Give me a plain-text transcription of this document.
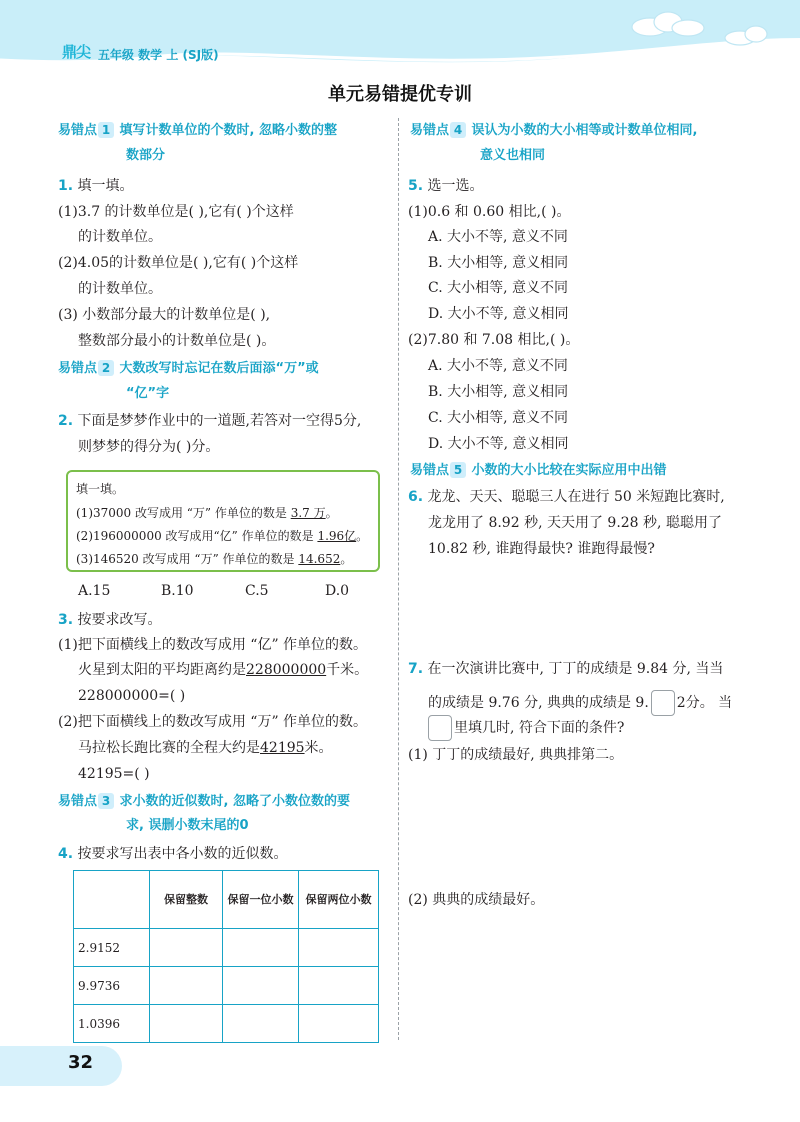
鼎尖 五年级 数学 上 (SJ版)
单元易错提优专训
易错点 1 填写计数单位的个数时, 忽略小数的整
数部分
1. 填一填。
(1)3.7 的计数单位是( ),它有( )个这样
的计数单位。
(2)4.05的计数单位是( ),它有( )个这样
的计数单位。
(3) 小数部分最大的计数单位是( ),
整数部分最小的计数单位是( )。
易错点 2 大数改写时忘记在数后面添“万”或
“亿”字
2. 下面是梦梦作业中的一道题,若答对一空得5分,
则梦梦的得分为( )分。
填一填。
(1)37000 改写成用 “万” 作单位的数是 3.7 万。
(2)196000000 改写成用“亿” 作单位的数是 1.96亿。
(3)146520 改写成用 “万” 作单位的数是 14.652。
A.15	B.10	C.5	D.0
3. 按要求改写。
(1)把下面横线上的数改写成用 “亿” 作单位的数。
火星到太阳的平均距离约是228000000千米。
228000000=( )
(2)把下面横线上的数改写成用 “万” 作单位的数。
马拉松长跑比赛的全程大约是42195米。
42195=( )
易错点 3 求小数的近似数时, 忽略了小数位数的要
求, 误删小数末尾的0
4. 按要求写出表中各小数的近似数。
	保留整数	保留一位小数	保留两位小数
2.9152			
9.9736			
1.0396			
易错点 4 误认为小数的大小相等或计数单位相同,
意义也相同
5. 选一选。
(1)0.6 和 0.60 相比,( )。
A. 大小不等, 意义不同
B. 大小相等, 意义相同
C. 大小相等, 意义不同
D. 大小不等, 意义相同
(2)7.80 和 7.08 相比,( )。
A. 大小不等, 意义不同
B. 大小相等, 意义相同
C. 大小相等, 意义不同
D. 大小不等, 意义相同
易错点 5 小数的大小比较在实际应用中出错
6. 龙龙、天天、聪聪三人在进行 50 米短跑比赛时,
龙龙用了 8.92 秒, 天天用了 9.28 秒, 聪聪用了
10.82 秒, 谁跑得最快? 谁跑得最慢?
7. 在一次演讲比赛中, 丁丁的成绩是 9.84 分, 当当
的成绩是 9.76 分, 典典的成绩是 9. 2分。 当
里填几时, 符合下面的条件?
(1) 丁丁的成绩最好, 典典排第二。
(2) 典典的成绩最好。
32
